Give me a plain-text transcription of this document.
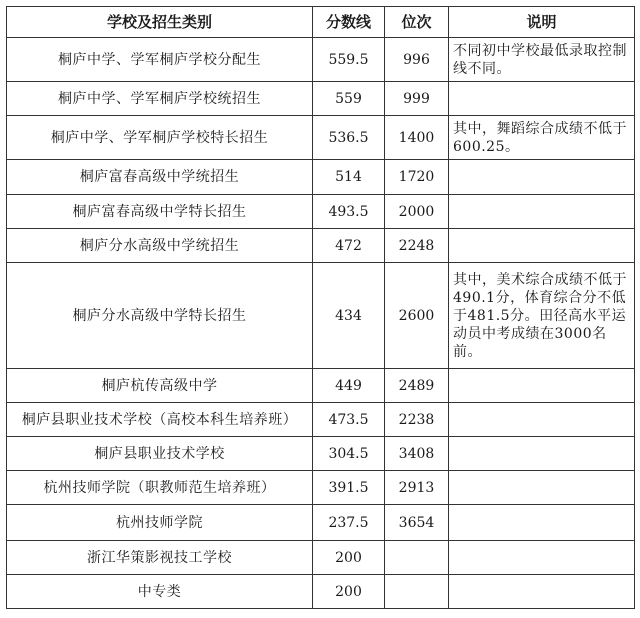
学校及招生类别	分数线	位次	说明
桐庐中学、学军桐庐学校分配生	559.5	996	不同初中学校最低录取控制线不同。

桐庐中学、学军桐庐学校统招生	559	999	
桐庐中学、学军桐庐学校特长招生	536.5	1400	其中，舞蹈综合成绩不低于600.25。

桐庐富春高级中学统招生	514	1720	
桐庐富春高级中学特长招生	493.5	2000	
桐庐分水高级中学统招生	472	2248	
桐庐分水高级中学特长招生	434	2600	其中，美术综合成绩不低于490.1分，体育综合分不低于481.5分。田径高水平运动员中考成绩在3000名前。

桐庐杭传高级中学	449	2489	
桐庐县职业技术学校（高校本科生培养班）	473.5	2238	
桐庐县职业技术学校	304.5	3408	
杭州技师学院（职教师范生培养班）	391.5	2913	
杭州技师学院	237.5	3654	
浙江华策影视技工学校	200		
中专类	200		
